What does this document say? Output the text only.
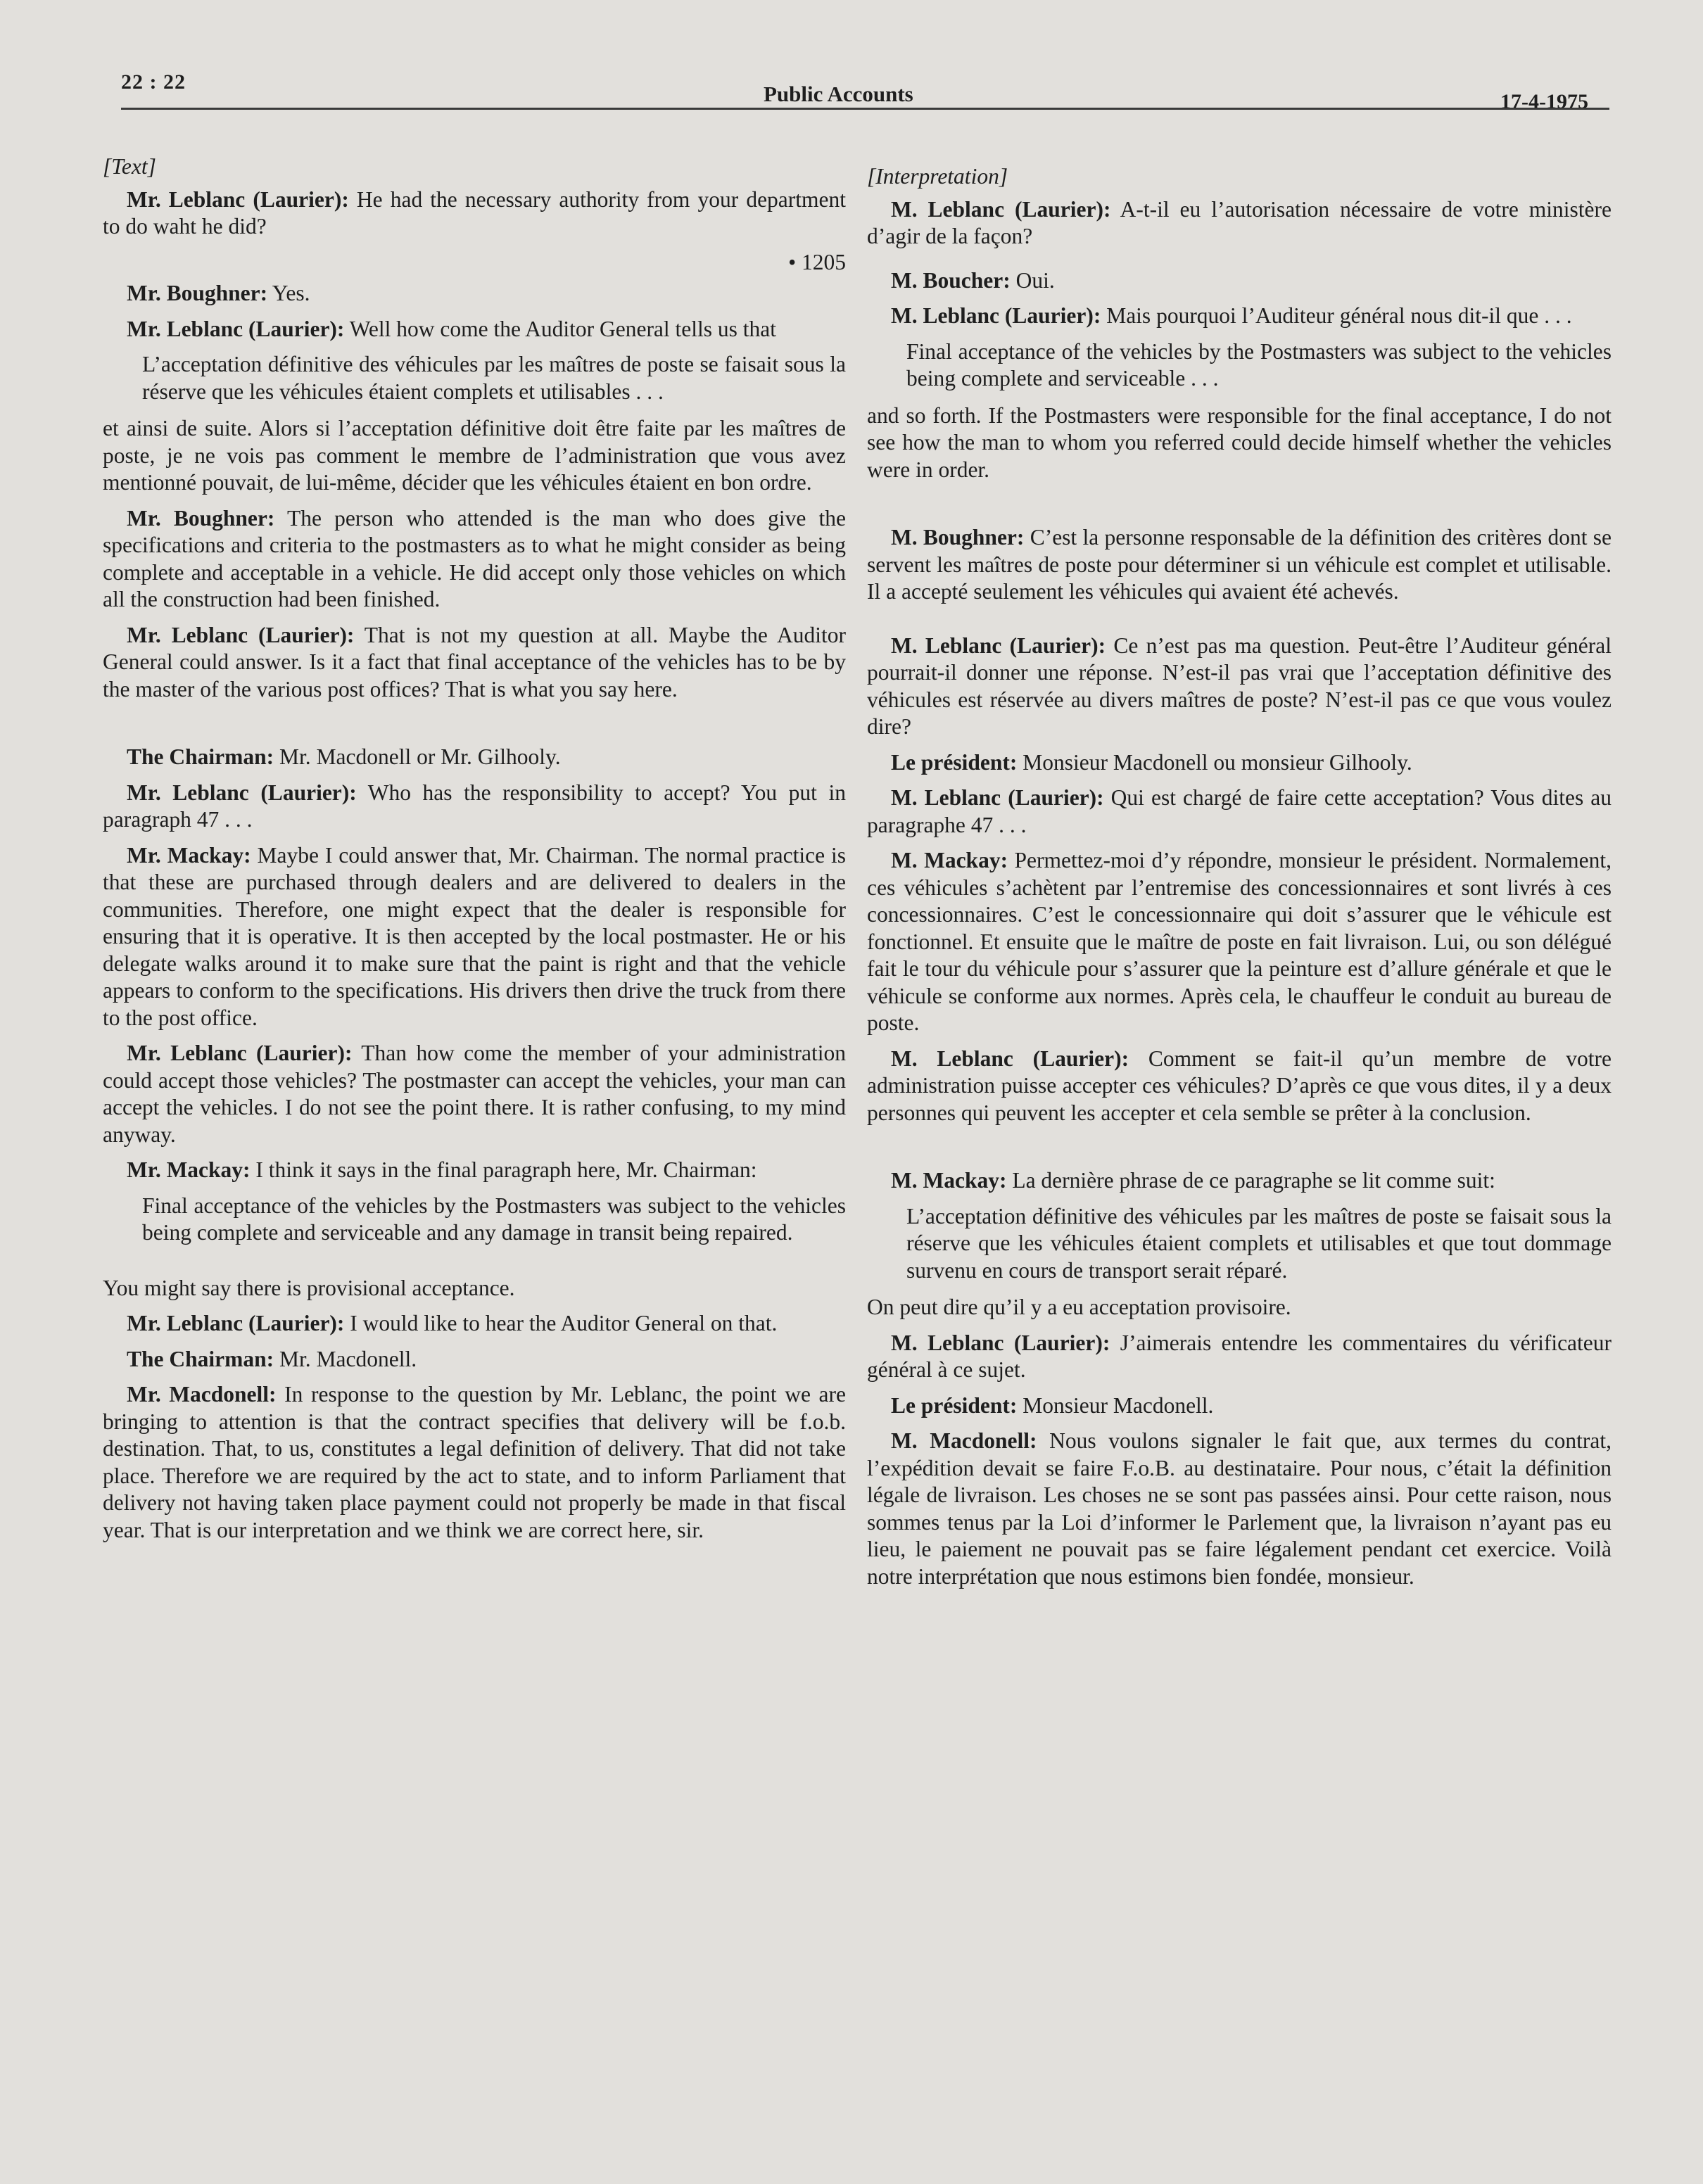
22 : 22	Public Accounts	17-4-1975

[Text]

Mr. Leblanc (Laurier): He had the necessary authority from your department to do waht he did?

• 1205

Mr. Boughner: Yes.

Mr. Leblanc (Laurier): Well how come the Auditor General tells us that

L’acceptation définitive des véhicules par les maîtres de poste se faisait sous la réserve que les véhicules étaient complets et utilisables . . .

et ainsi de suite. Alors si l’acceptation définitive doit être faite par les maîtres de poste, je ne vois pas comment le membre de l’administration que vous avez mentionné pouvait, de lui-même, décider que les véhicules étaient en bon ordre.

Mr. Boughner: The person who attended is the man who does give the specifications and criteria to the postmasters as to what he might consider as being complete and acceptable in a vehicle. He did accept only those vehicles on which all the construction had been finished.

Mr. Leblanc (Laurier): That is not my question at all. Maybe the Auditor General could answer. Is it a fact that final acceptance of the vehicles has to be by the master of the various post offices? That is what you say here.

The Chairman: Mr. Macdonell or Mr. Gilhooly.

Mr. Leblanc (Laurier): Who has the responsibility to accept? You put in paragraph 47 . . .

Mr. Mackay: Maybe I could answer that, Mr. Chairman. The normal practice is that these are purchased through dealers and are delivered to dealers in the communities. Therefore, one might expect that the dealer is responsible for ensuring that it is operative. It is then accepted by the local postmaster. He or his delegate walks around it to make sure that the paint is right and that the vehicle appears to conform to the specifications. His drivers then drive the truck from there to the post office.

Mr. Leblanc (Laurier): Than how come the member of your administration could accept those vehicles? The postmaster can accept the vehicles, your man can accept the vehicles. I do not see the point there. It is rather confusing, to my mind anyway.

Mr. Mackay: I think it says in the final paragraph here, Mr. Chairman:

Final acceptance of the vehicles by the Postmasters was subject to the vehicles being complete and serviceable and any damage in transit being repaired.

You might say there is provisional acceptance.

Mr. Leblanc (Laurier): I would like to hear the Auditor General on that.

The Chairman: Mr. Macdonell.

Mr. Macdonell: In response to the question by Mr. Leblanc, the point we are bringing to attention is that the contract specifies that delivery will be f.o.b. destination. That, to us, constitutes a legal definition of delivery. That did not take place. Therefore we are required by the act to state, and to inform Parliament that delivery not having taken place payment could not properly be made in that fiscal year. That is our interpretation and we think we are correct here, sir.

[Interpretation]

M. Leblanc (Laurier): A-t-il eu l’autorisation nécessaire de votre ministère d’agir de la façon?

M. Boucher: Oui.

M. Leblanc (Laurier): Mais pourquoi l’Auditeur général nous dit-il que . . .

Final acceptance of the vehicles by the Postmasters was subject to the vehicles being complete and serviceable . . .

and so forth. If the Postmasters were responsible for the final acceptance, I do not see how the man to whom you referred could decide himself whether the vehicles were in order.

M. Boughner: C’est la personne responsable de la définition des critères dont se servent les maîtres de poste pour déterminer si un véhicule est complet et utilisable. Il a accepté seulement les véhicules qui avaient été achevés.

M. Leblanc (Laurier): Ce n’est pas ma question. Peut-être l’Auditeur général pourrait-il donner une réponse. N’est-il pas vrai que l’acceptation définitive des véhicules est réservée au divers maîtres de poste? N’est-il pas ce que vous voulez dire?

Le président: Monsieur Macdonell ou monsieur Gilhooly.

M. Leblanc (Laurier): Qui est chargé de faire cette acceptation? Vous dites au paragraphe 47 . . .

M. Mackay: Permettez-moi d’y répondre, monsieur le président. Normalement, ces véhicules s’achètent par l’entremise des concessionnaires et sont livrés à ces concessionnaires. C’est le concessionnaire qui doit s’assurer que le véhicule est fonctionnel. Et ensuite que le maître de poste en fait livraison. Lui, ou son délégué fait le tour du véhicule pour s’assurer que la peinture est d’allure générale et que le véhicule se conforme aux normes. Après cela, le chauffeur le conduit au bureau de poste.

M. Leblanc (Laurier): Comment se fait-il qu’un membre de votre administration puisse accepter ces véhicules? D’après ce que vous dites, il y a deux personnes qui peuvent les accepter et cela semble se prêter à la conclusion.

M. Mackay: La dernière phrase de ce paragraphe se lit comme suit:

L’acceptation définitive des véhicules par les maîtres de poste se faisait sous la réserve que les véhicules étaient complets et utilisables et que tout dommage survenu en cours de transport serait réparé.

On peut dire qu’il y a eu acceptation provisoire.

M. Leblanc (Laurier): J’aimerais entendre les commentaires du vérificateur général à ce sujet.

Le président: Monsieur Macdonell.

M. Macdonell: Nous voulons signaler le fait que, aux termes du contrat, l’expédition devait se faire F.o.B. au destinataire. Pour nous, c’était la définition légale de livraison. Les choses ne se sont pas passées ainsi. Pour cette raison, nous sommes tenus par la Loi d’informer le Parlement que, la livraison n’ayant pas eu lieu, le paiement ne pouvait pas se faire légalement pendant cet exercice. Voilà notre interprétation que nous estimons bien fondée, monsieur.
